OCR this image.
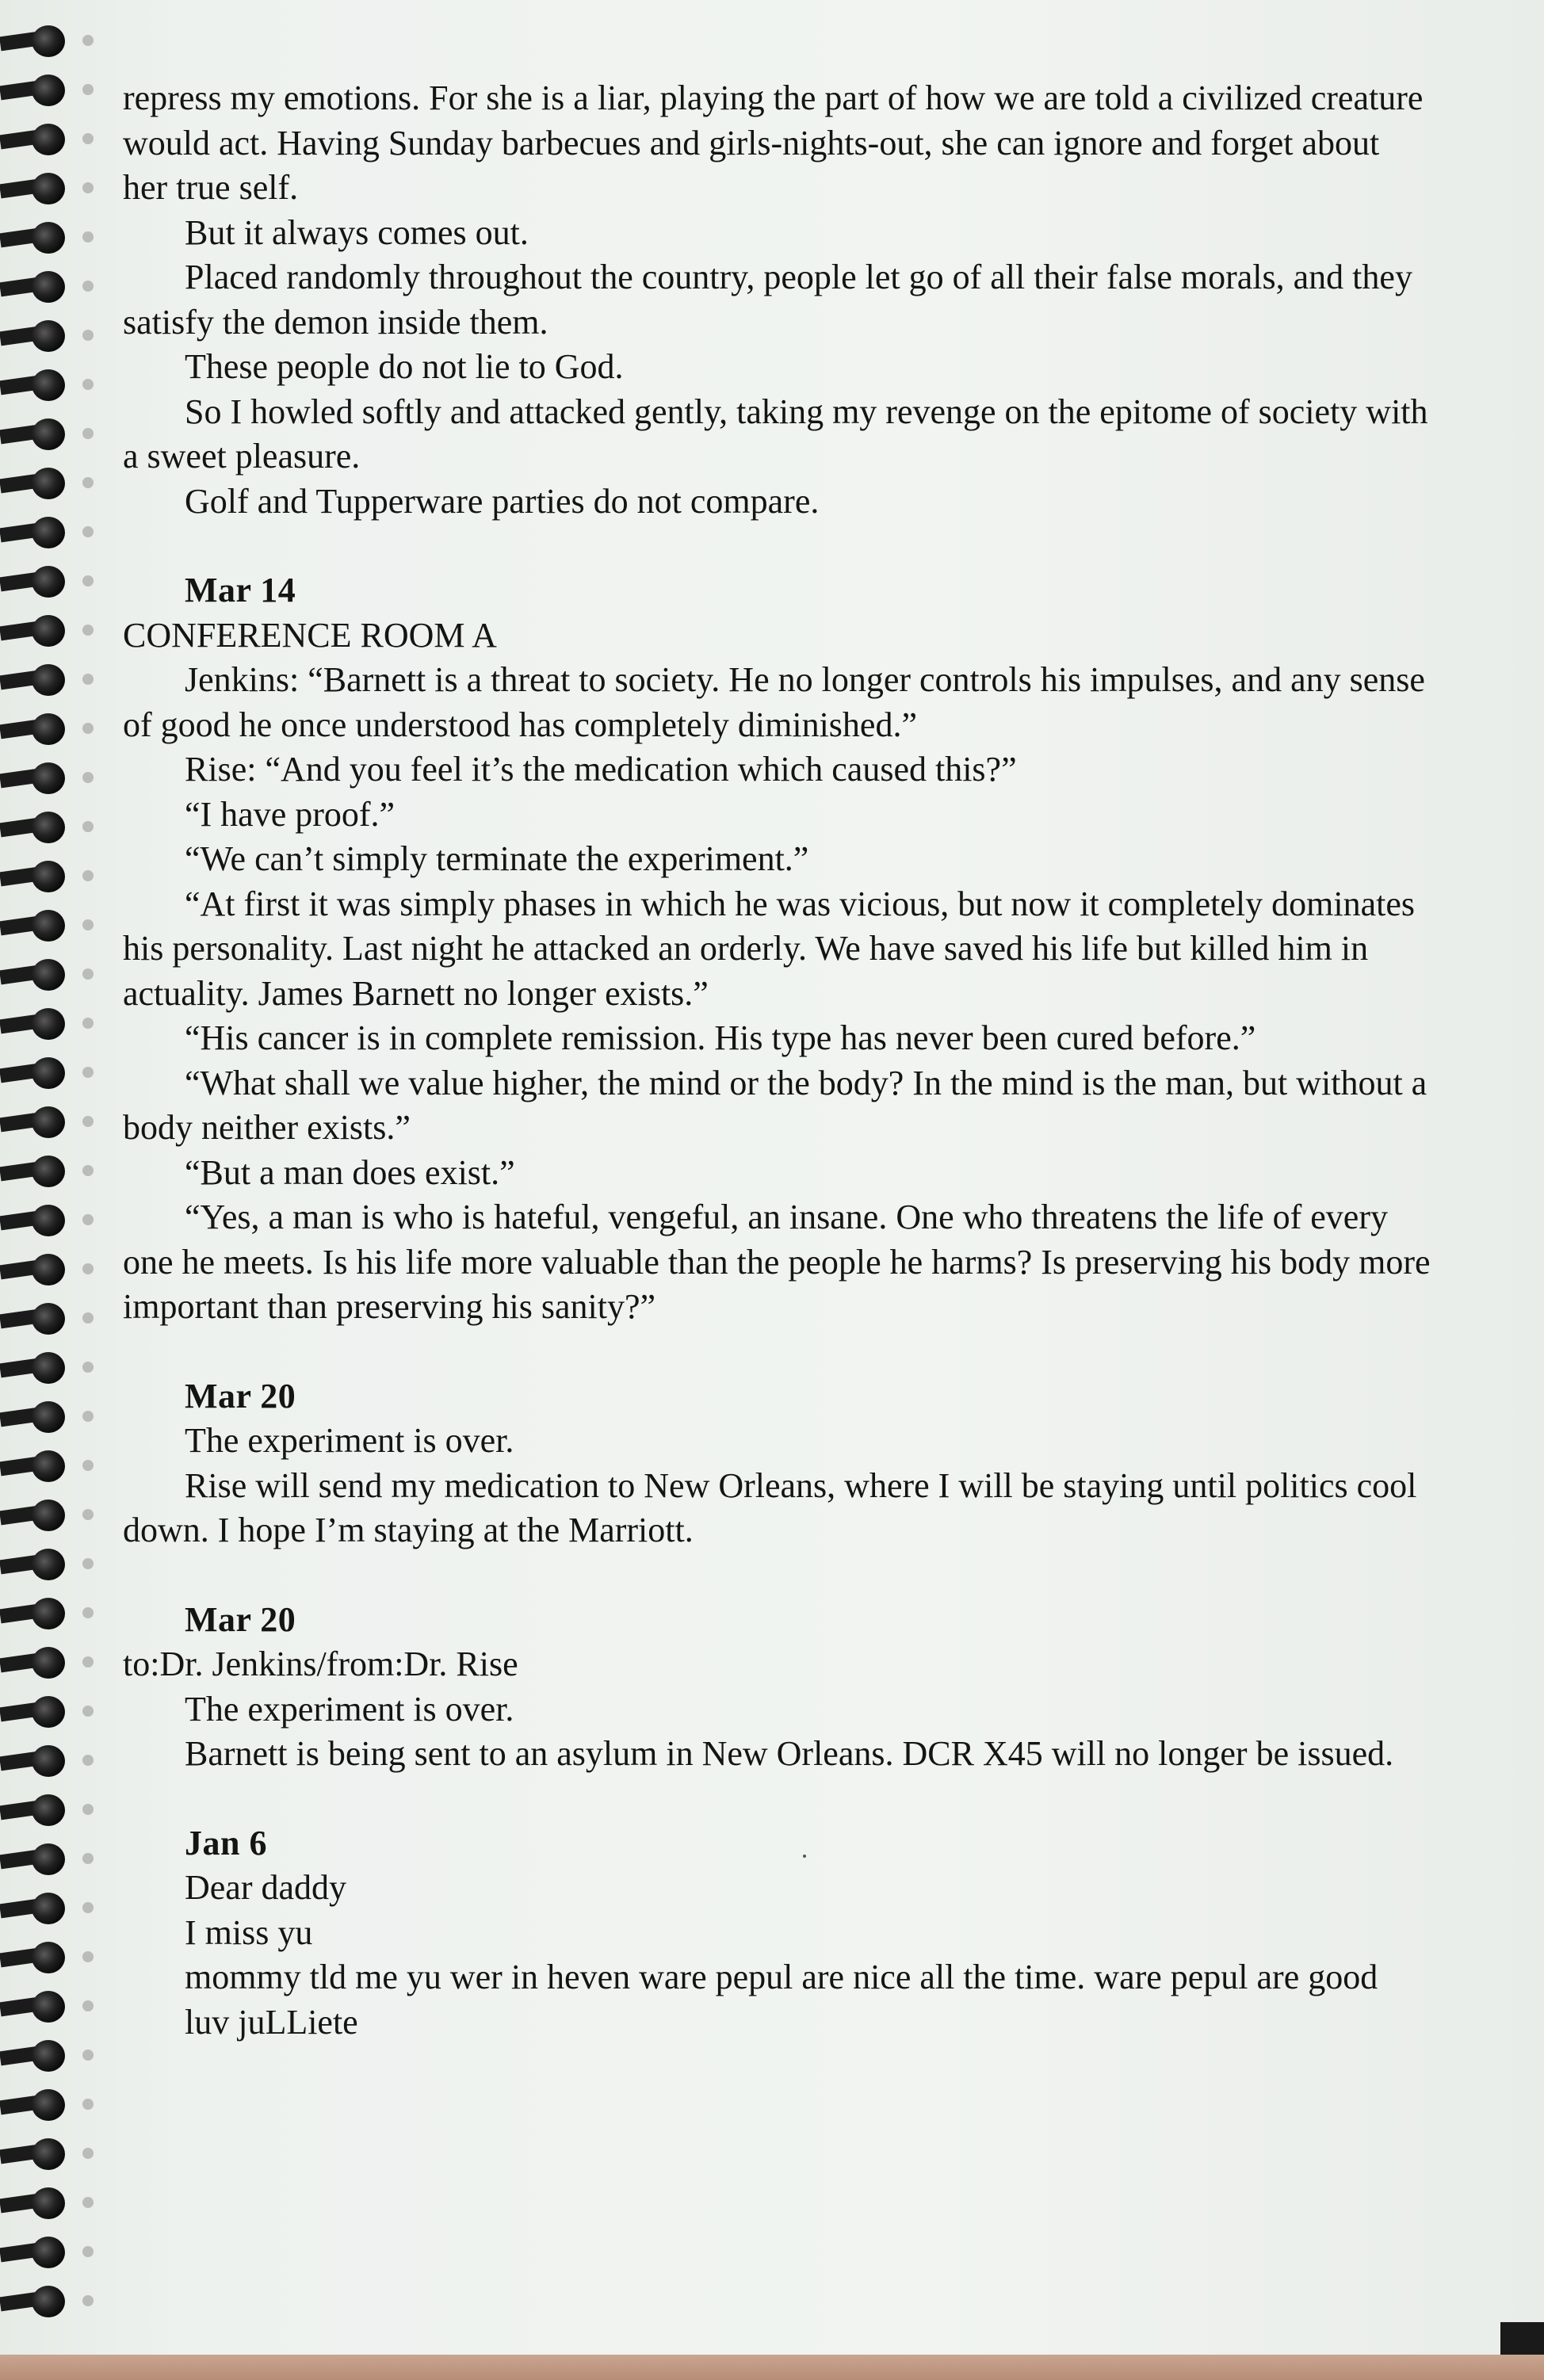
repress my emotions. For she is a liar, playing the part of how we are told a civilized creature would act. Having Sunday barbecues and girls-nights-out, she can ignore and forget about her true self.

But it always comes out.

Placed randomly throughout the country, people let go of all their false morals, and they satisfy the demon inside them.

These people do not lie to God.

So I howled softly and attacked gently, taking my revenge on the epitome of society with a sweet pleasure.

Golf and Tupperware parties do not compare.

Mar 14

CONFERENCE ROOM A

Jenkins: “Barnett is a threat to society. He no longer controls his impulses, and any sense of good he once understood has completely diminished.”

Rise: “And you feel it’s the medication which caused this?”

“I have proof.”

“We can’t simply terminate the experiment.”

“At first it was simply phases in which he was vicious, but now it completely dominates his personality. Last night he attacked an orderly. We have saved his life but killed him in actuality. James Barnett no longer exists.”

“His cancer is in complete remission. His type has never been cured before.”

“What shall we value higher, the mind or the body? In the mind is the man, but without a body neither exists.”

“But a man does exist.”

“Yes, a man is who is hateful, vengeful, an insane. One who threatens the life of every one he meets. Is his life more valuable than the people he harms? Is preserving his body more important than preserving his sanity?”

Mar 20

The experiment is over.

Rise will send my medication to New Orleans, where I will be staying until politics cool down. I hope I’m staying at the Marriott.

Mar 20

to:Dr. Jenkins/from:Dr. Rise

The experiment is over.

Barnett is being sent to an asylum in New Orleans. DCR X45 will no longer be issued.

Jan 6

Dear daddy

I miss yu

mommy tld me yu wer in heven ware pepul are nice all the time. ware pepul are good

luv juLLiete
